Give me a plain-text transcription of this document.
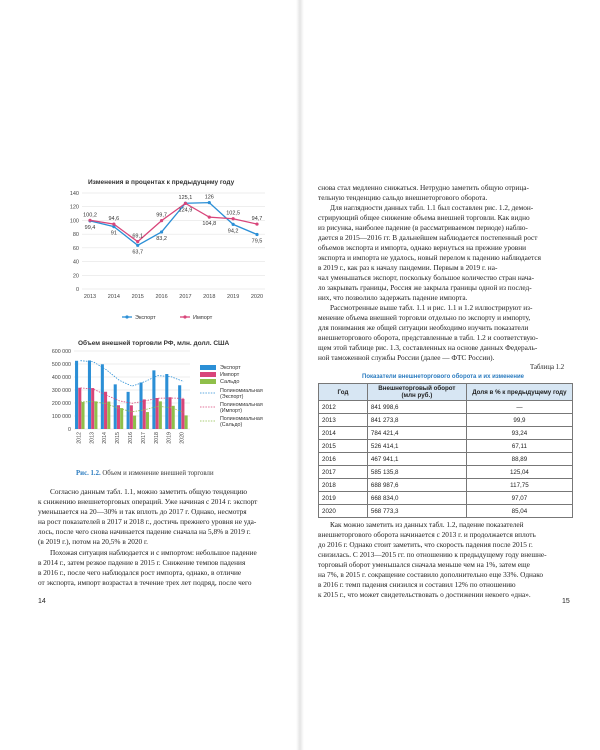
Изменения в процентах к предыдущему году
0
20
40
60
80
100
120
140
2013 2014 2015 2016 2017 2018 2019 2020
99,4
91
63,7
83,2
125,1 126
94,2
79,5
100,2
94,6
69,1
99,7
124,9
104,8
102,5
94,7
Экспорт	Импорт
Объем внешней торговли РФ, млн. долл. США
0
100 000
200 000
300 000
400 000
500 000
600 000
2012 2013 2014 2015 2016 2017 2018 2019 2020
Экспорт
Импорт
Сальдо
Полиномиальная
(Экспорт)
Полиномиальная
(Импорт)
Полиномиальная
(Сальдо)
Рис. 1.2. Объем и изменение внешней торговли
Согласно данным табл. 1.1, можно заметить общую тенденцию
к снижению внешнеторговых операций. Уже начиная с 2014 г. экспорт
уменьшается на 20—30% и так вплоть до 2017 г. Однако, несмотря
на рост показателей в 2017 и 2018 г., достичь прежнего уровня не уда-
лось, после чего снова начинается падение сначала на 5,8% в 2019 г.
(в 2019 г.), потом на 20,5% в 2020 г.
Похожая ситуация наблюдается и с импортом: небольшое падение
в 2014 г., затем резкое падение в 2015 г. Снижение темпов падения
в 2016 г., после чего наблюдался рост импорта, однако, в отличие
от экспорта, импорт возрастал в течение трех лет подряд, после чего
14
снова стал медленно снижаться. Нетрудно заметить общую отрица-
тельную тенденцию сальдо внешнеторгового оборота.
Для наглядности данных табл. 1.1 был составлен рис. 1.2, демон-
стрирующий общее снижение объема внешней торговли. Как видно
из рисунка, наиболее падение (в рассматриваемом периоде) наблю-
дается в 2015—2016 гг. В дальнейшем наблюдается постепенный рост
объемов экспорта и импорта, однако вернуться на прежние уровни
экспорта и импорта не удалось, новый перелом к падению наблюдается
в 2019 г., как раз к началу пандемии. Первым в 2019 г. на-
чал уменьшаться экспорт, поскольку большое количество стран нача-
ло закрывать границы, Россия же закрыла границы одной из послед-
них, что позволило задержать падение импорта.
Рассмотренные выше табл. 1.1 и рис. 1.1 и 1.2 иллюстрируют из-
менение объема внешней торговли отдельно по экспорту и импорту,
для понимания же общей ситуации необходимо изучить показатели
внешнеторгового оборота, представленные в табл. 1.2 и соответствую-
щем этой таблице рис. 1.3, составленных на основе данных Федераль-
ной таможенной службы России (далее — ФТС России).
Таблица 1.2
Показатели внешнеторгового оборота и их изменение
Год	Внешнеторговый оборот (млн руб.)	Доля в % к предыдущему году
2012	841 998,6	—
2013	841 273,8	99,9
2014	784 421,4	93,24
2015	526 414,1	67,11
2016	467 941,1	88,89
2017	585 135,8	125,04
2018	688 987,6	117,75
2019	668 834,0	97,07
2020	568 773,3	85,04
Как можно заметить из данных табл. 1.2, падение показателей
внешнеторгового оборота начинается с 2013 г. и продолжается вплоть
до 2016 г. Однако стоит заметить, что скорость падения после 2015 г.
снизилась. С 2013—2015 гг. по отношению к предыдущему году внешне-
торговый оборот уменьшался сначала меньше чем на 1%, затем еще
на 7%, в 2015 г. сокращение составило дополнительно еще 33%. Однако
в 2016 г. темп падения снизился и составил 12% по отношению
к 2015 г., что может свидетельствовать о достижении некоего «дна».
15
